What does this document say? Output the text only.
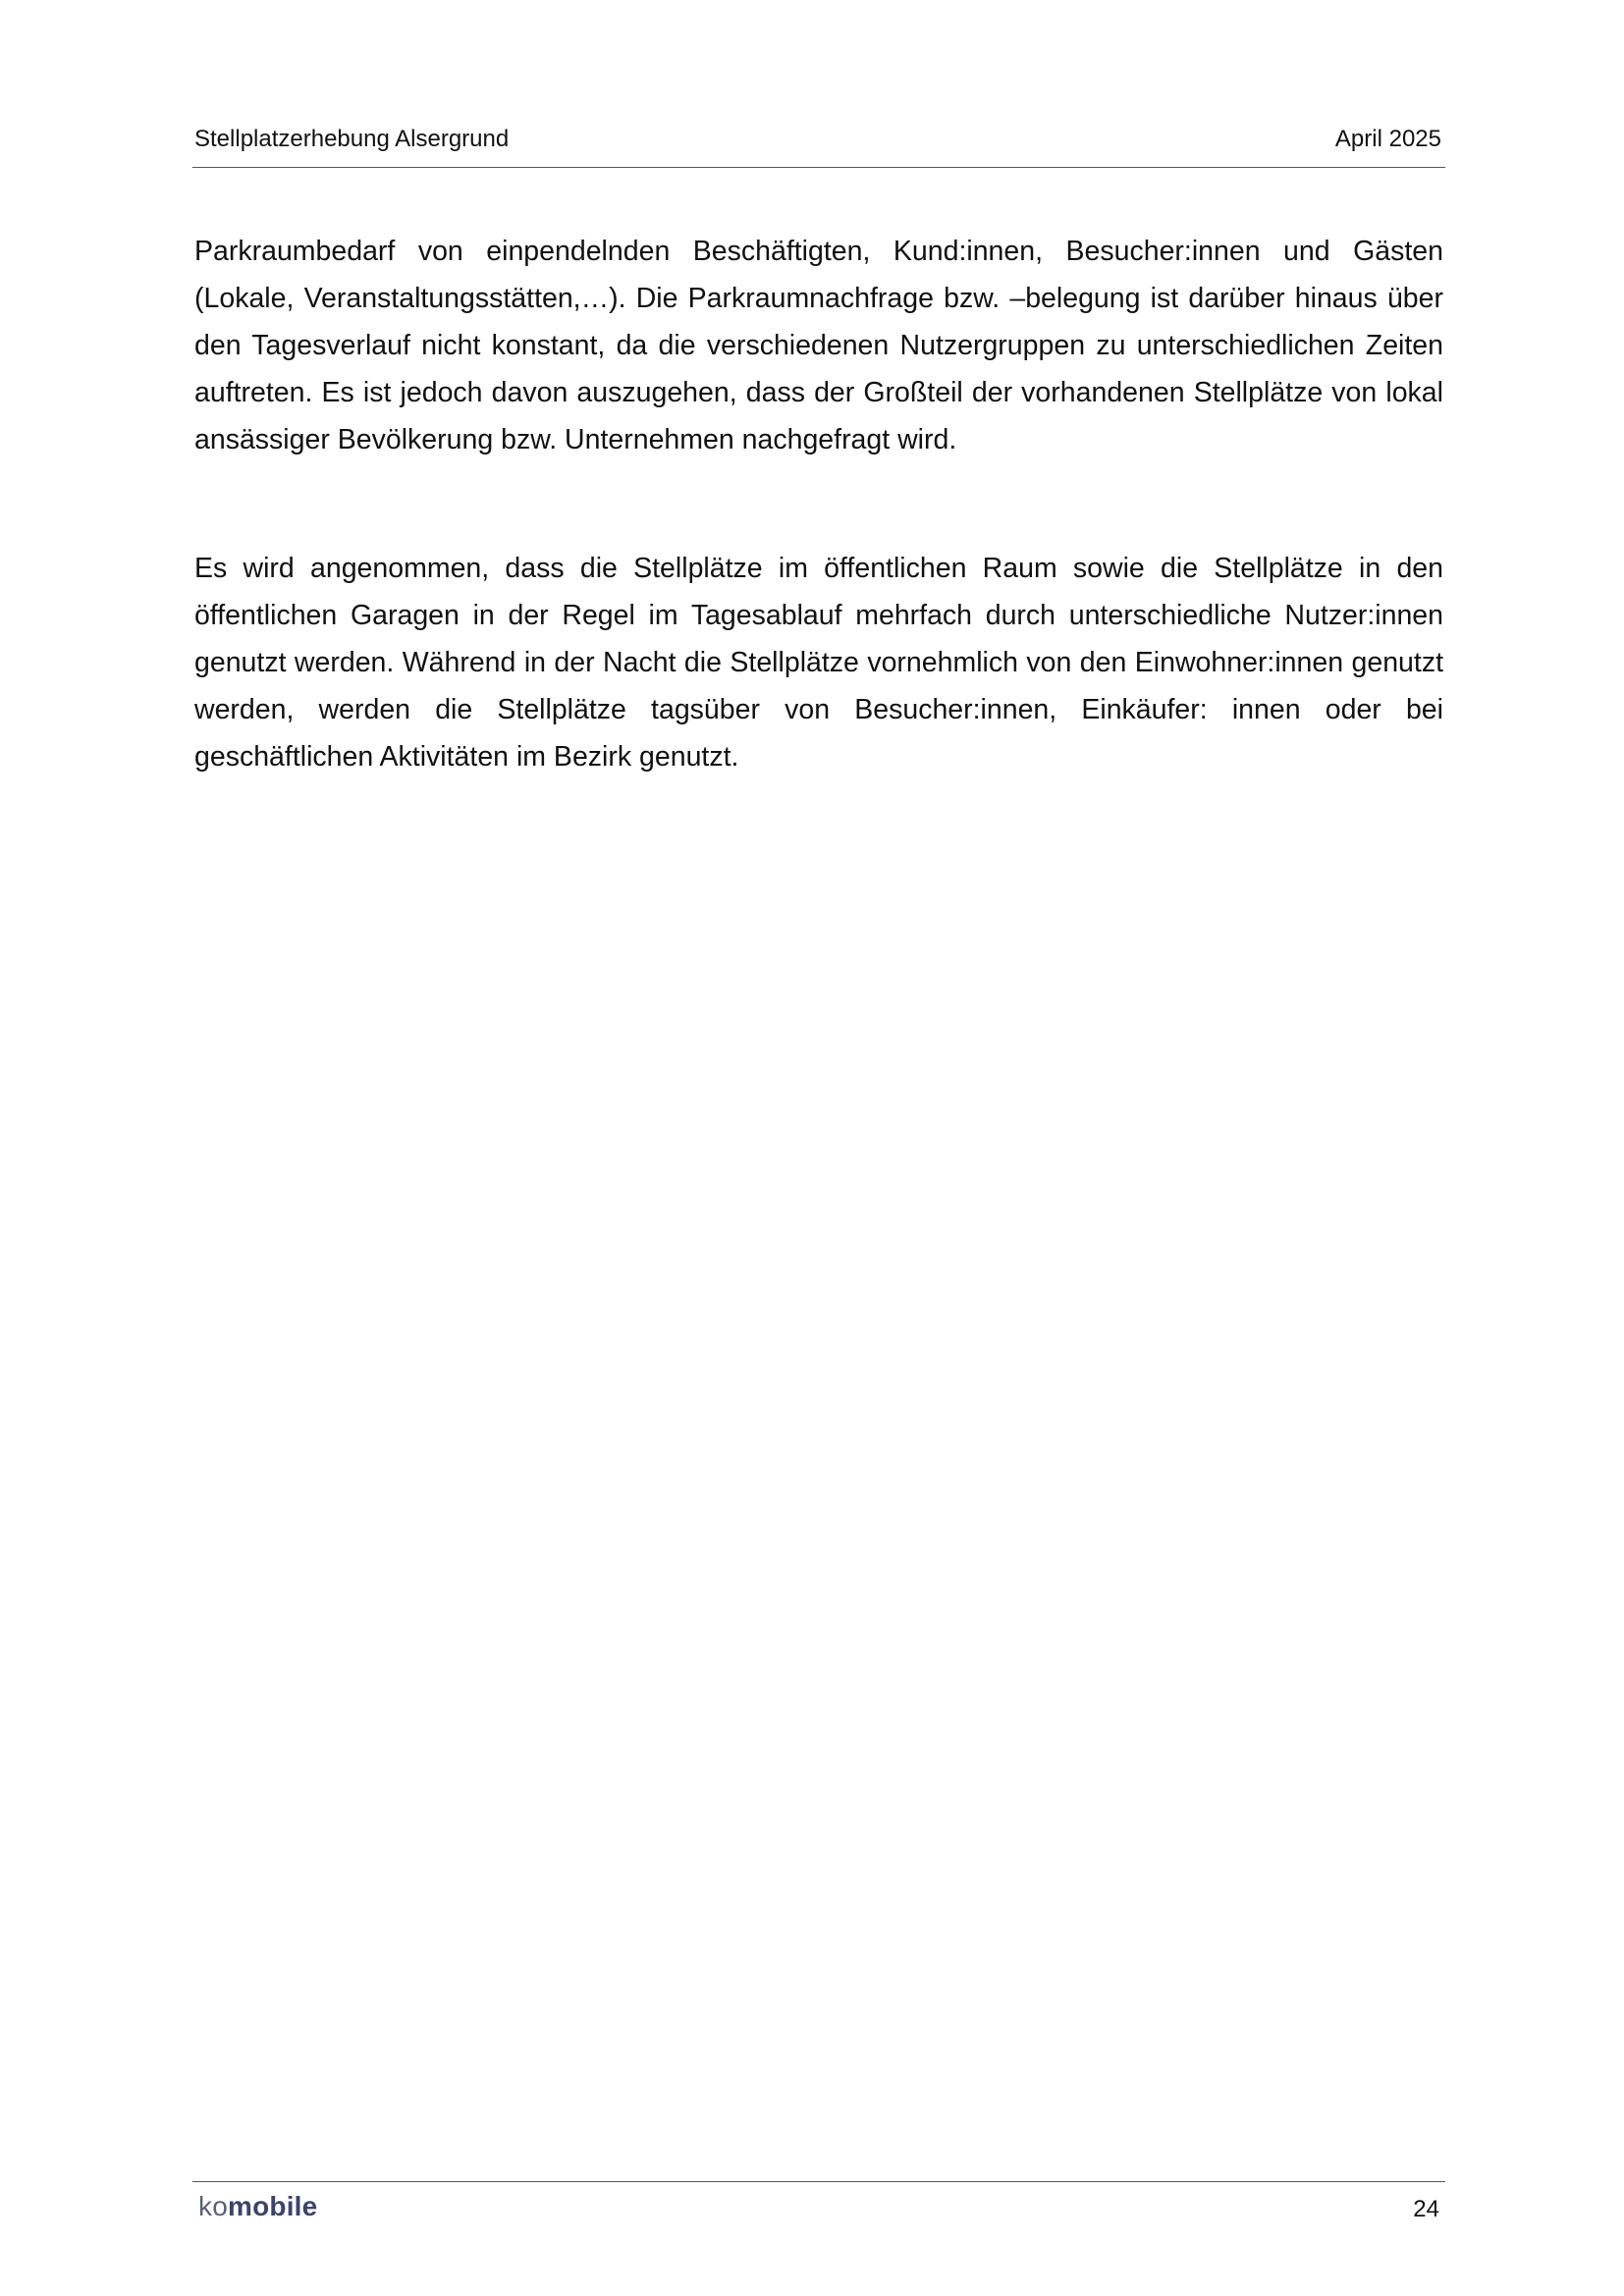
Stellplatzerhebung Alsergrund	April 2025

Parkraumbedarf von einpendelnden Beschäftigten, Kund:innen, Besucher:innen und Gästen (Lokale, Veranstaltungsstätten,…). Die Parkraumnachfrage bzw. –belegung ist darüber hinaus über den Tagesverlauf nicht konstant, da die verschiedenen Nutzergruppen zu unterschiedlichen Zeiten auftreten. Es ist jedoch davon auszugehen, dass der Großteil der vorhandenen Stellplätze von lokal ansässiger Bevölkerung bzw. Unternehmen nachgefragt wird.

Es wird angenommen, dass die Stellplätze im öffentlichen Raum sowie die Stellplätze in den öffentlichen Garagen in der Regel im Tagesablauf mehrfach durch unterschiedliche Nutzer:innen genutzt werden. Während in der Nacht die Stellplätze vornehmlich von den Einwohner:innen genutzt werden, werden die Stellplätze tagsüber von Besucher:innen, Einkäufer: innen oder bei geschäftlichen Aktivitäten im Bezirk genutzt.

komobile	24
